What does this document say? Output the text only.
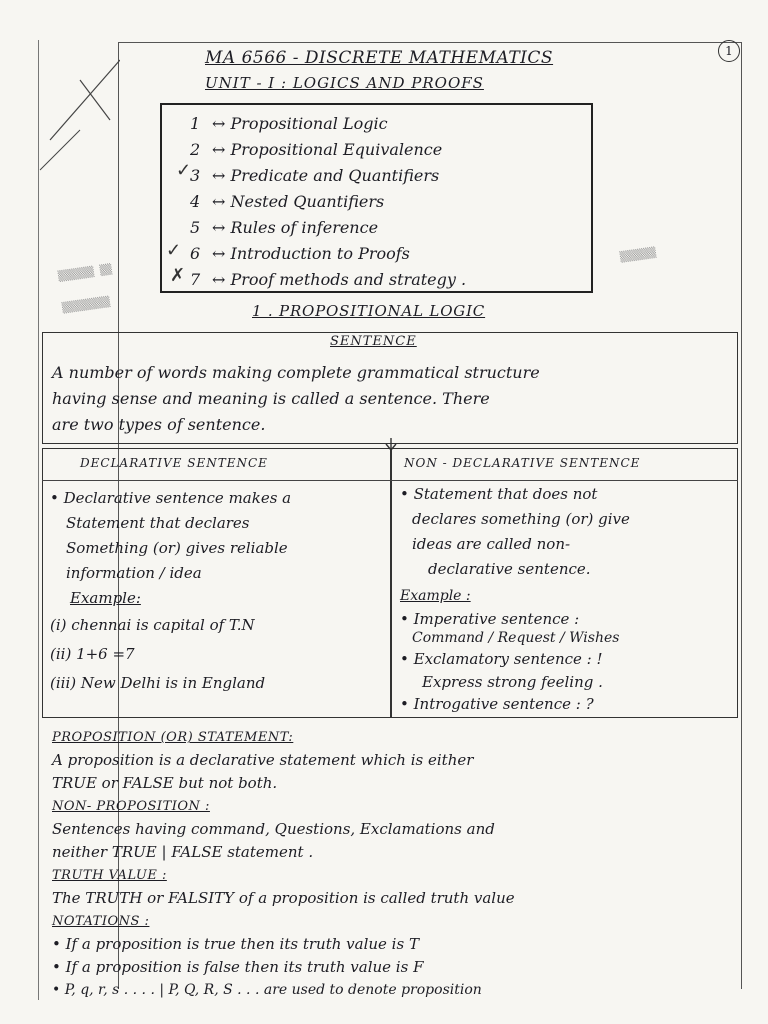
1
MA 6566 - DISCRETE MATHEMATICS
UNIT - I : LOGICS AND PROOFS
1 ↔ Propositional Logic
2 ↔ Propositional Equivalence
3 ↔ Predicate and Quantifiers
4 ↔ Nested Quantifiers
5 ↔ Rules of inference
6 ↔ Introduction to Proofs
7 ↔ Proof methods and strategy .
✓
✓
✗
▒▒▒▒▒▒ ▒▒
▒▒▒▒▒▒▒▒
▒▒▒▒▒▒
1 . PROPOSITIONAL LOGIC
SENTENCE
A number of words making complete grammatical structure
having sense and meaning is called a sentence. There
are two types of sentence.
DECLARATIVE SENTENCE	NON - DECLARATIVE SENTENCE
• Declarative sentence makes a
Statement that declares
Something (or) gives reliable
information / idea
Example:
(i) chennai is capital of T.N
(ii) 1+6 =7
(iii) New Delhi is in England
• Statement that does not
declares something (or) give
ideas are called non-
declarative sentence.
Example :
• Imperative sentence :
Command / Request / Wishes
• Exclamatory sentence : !
Express strong feeling .
• Introgative sentence : ?
PROPOSITION (OR) STATEMENT:
A proposition is a declarative statement which is either
TRUE or FALSE but not both.
NON- PROPOSITION :
Sentences having command, Questions, Exclamations and
neither TRUE | FALSE statement .
TRUTH VALUE :
The TRUTH or FALSITY of a proposition is called truth value
NOTATIONS :
• If a proposition is true then its truth value is T
• If a proposition is false then its truth value is F
• P, q, r, s . . . . | P, Q, R, S . . . are used to denote proposition
